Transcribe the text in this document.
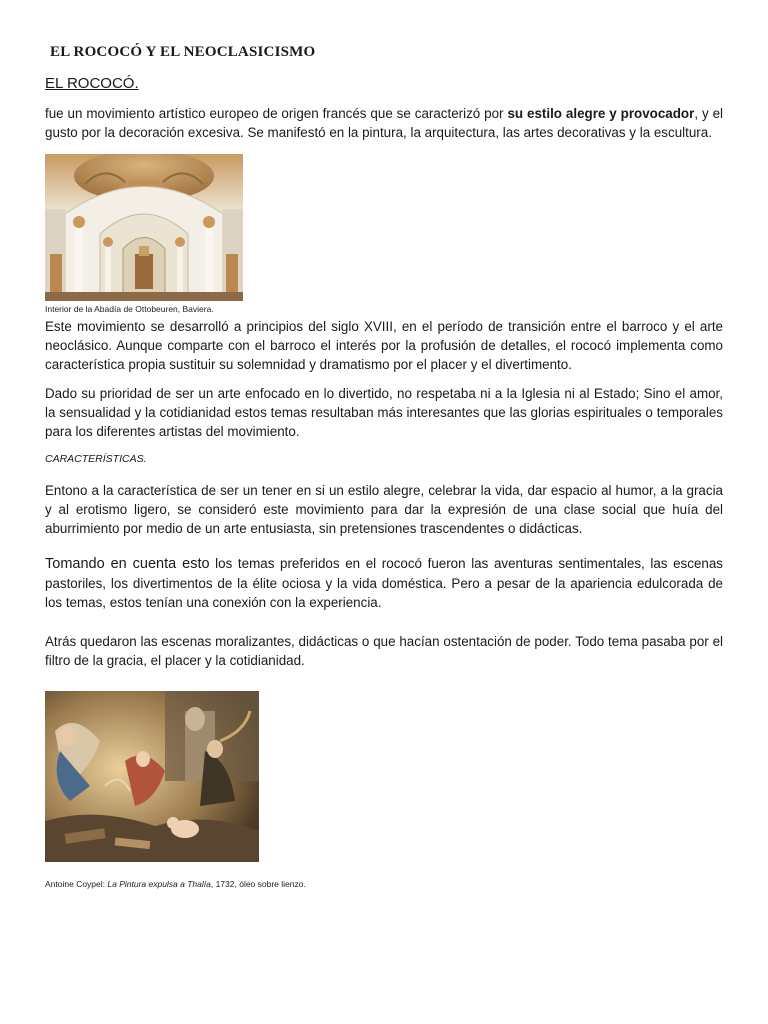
EL ROCOCÓ Y EL NEOCLASICISMO
EL ROCOCÓ.

fue un movimiento artístico europeo de origen francés que se caracterizó por su estilo alegre y provocador, y el gusto por la decoración excesiva. Se manifestó en la pintura, la arquitectura, las artes decorativas y la escultura.

Interior de la Abadía de Ottobeuren, Baviera.

Este movimiento se desarrolló a principios del siglo XVIII, en el período de transición entre el barroco y el arte neoclásico. Aunque comparte con el barroco el interés por la profusión de detalles, el rococó implementa como característica propia sustituir su solemnidad y dramatismo por el placer y el divertimento.

Dado su prioridad de ser un arte enfocado en lo divertido, no respetaba ni a la Iglesia ni al Estado; Sino el amor, la sensualidad y la cotidianidad estos temas resultaban más interesantes que las glorias espirituales o temporales para los diferentes artistas del movimiento.

CARACTERÍSTICAS.

Entono a la característica de ser un tener en si un estilo alegre, celebrar la vida, dar espacio al humor, a la gracia y al erotismo ligero, se consideró este movimiento para dar la expresión de una clase social que huía del aburrimiento por medio de un arte entusiasta, sin pretensiones trascendentes o didácticas.

Tomando en cuenta esto los temas preferidos en el rococó fueron las aventuras sentimentales, las escenas pastoriles, los divertimentos de la élite ociosa y la vida doméstica. Pero a pesar de la apariencia edulcorada de los temas, estos tenían una conexión con la experiencia.

Atrás quedaron las escenas moralizantes, didácticas o que hacían ostentación de poder. Todo tema pasaba por el filtro de la gracia, el placer y la cotidianidad.

Antoine Coypel: La Pintura expulsa a Thalía, 1732, óleo sobre lienzo.
